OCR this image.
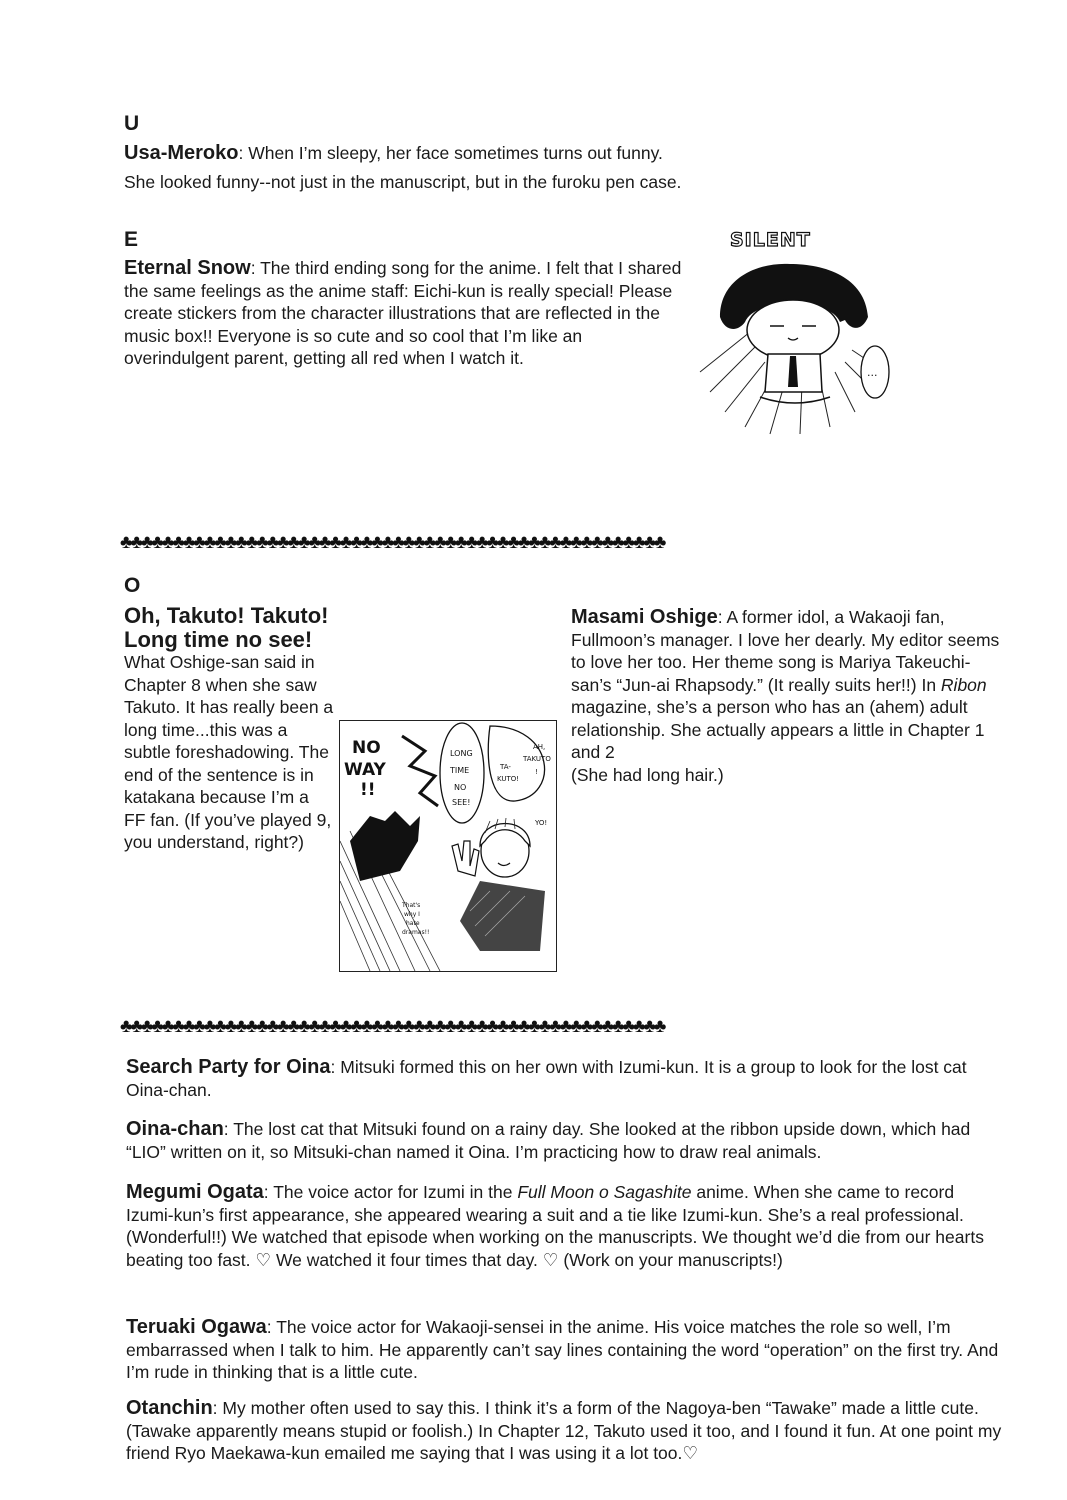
U

Usa-Meroko: When I’m sleepy, her face sometimes turns out funny.

She looked funny--not just in the manuscript, but in the furoku pen case.

E

Eternal Snow: The third ending song for the anime. I felt that I shared the same feelings as the anime staff: Eichi-kun is really special! Please create stickers from the character illustrations that are reflected in the music box!! Everyone is so cute and so cool that I’m like an overindulgent parent, getting all red when I watch it.

SILENT
...
♣♣♣♣♣♣♣♣♣♣♣♣♣♣♣♣♣♣♣♣♣♣♣♣♣♣♣♣♣♣♣♣♣♣♣♣♣♣♣♣♣♣♣♣♣♣♣♣♣♣♣♣
O
Oh, Takuto! Takuto!
Long time no see!
What Oshige-san said in Chapter 8 when she saw Takuto. It has really been a long time...this was a subtle foreshadowing. The end of the sentence is in katakana because I’m a FF fan. (If you’ve played 9, you understand, right?)
NO
WAY
!!
LONG
TIME
NO
SEE!
AH,
TAKUTO
TA-
KUTO!
!
YO!
That's
why I
hate
dramas!!

Masami Oshige: A former idol, a Wakaoji fan, Fullmoon’s manager. I love her dearly. My editor seems to love her too. Her theme song is Mariya Takeuchi-san’s “Jun-ai Rhapsody.” (It really suits her!!) In Ribon magazine, she’s a person who has an (ahem) adult relationship. She actually appears a little in Chapter 1 and 2

(She had long hair.)

♣♣♣♣♣♣♣♣♣♣♣♣♣♣♣♣♣♣♣♣♣♣♣♣♣♣♣♣♣♣♣♣♣♣♣♣♣♣♣♣♣♣♣♣♣♣♣♣♣♣♣♣

Search Party for Oina: Mitsuki formed this on her own with Izumi-kun. It is a group to look for the lost cat Oina-chan.

Oina-chan: The lost cat that Mitsuki found on a rainy day. She looked at the ribbon upside down, which had “LIO” written on it, so Mitsuki-chan named it Oina. I’m practicing how to draw real animals.

Megumi Ogata: The voice actor for Izumi in the Full Moon o Sagashite anime. When she came to record Izumi-kun’s first appearance, she appeared wearing a suit and a tie like Izumi-kun. She’s a real professional. (Wonderful!!) We watched that episode when working on the manuscripts. We thought we’d die from our hearts beating too fast. ♡ We watched it four times that day. ♡ (Work on your manuscripts!)

Teruaki Ogawa: The voice actor for Wakaoji-sensei in the anime. His voice matches the role so well, I’m embarrassed when I talk to him. He apparently can’t say lines containing the word “operation” on the first try. And I’m rude in thinking that is a little cute.

Otanchin: My mother often used to say this. I think it’s a form of the Nagoya-ben “Tawake” made a little cute. (Tawake apparently means stupid or foolish.) In Chapter 12, Takuto used it too, and I found it fun. At one point my friend Ryo Maekawa-kun emailed me saying that I was using it a lot too.♡
